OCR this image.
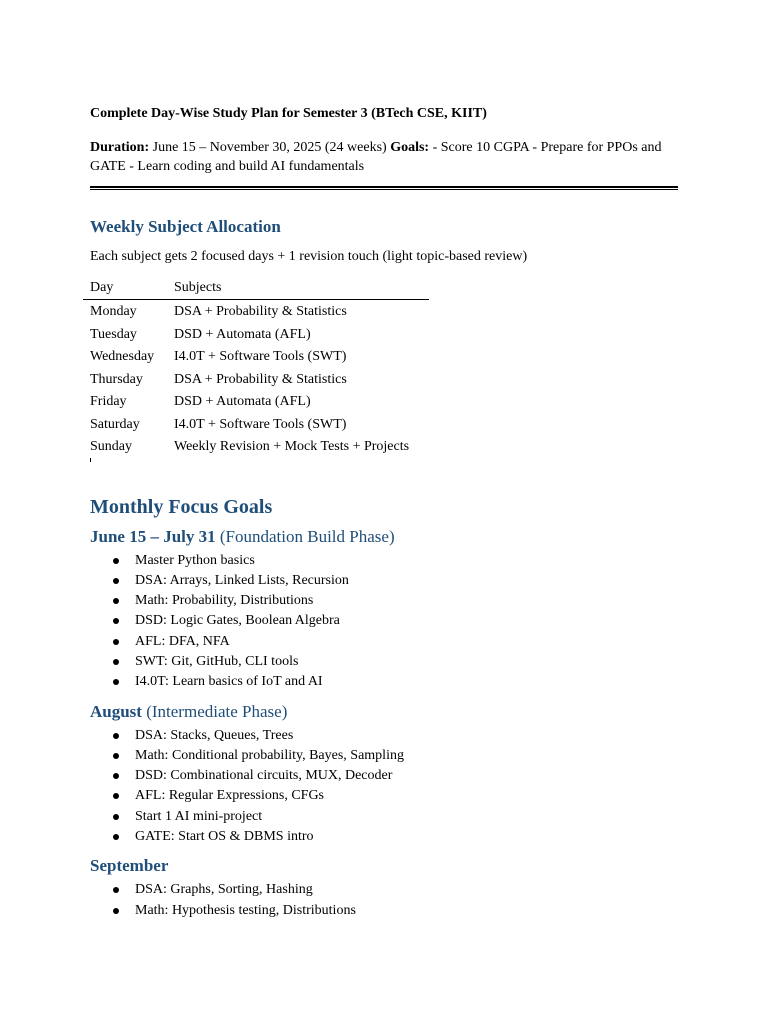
Complete Day-Wise Study Plan for Semester 3 (BTech CSE, KIIT)

Duration: June 15 – November 30, 2025 (24 weeks) Goals: - Score 10 CGPA - Prepare for PPOs and GATE - Learn coding and build AI fundamentals

Weekly Subject Allocation

Each subject gets 2 focused days + 1 revision touch (light topic-based review)

Day	Subjects
Monday	DSA + Probability & Statistics
Tuesday	DSD + Automata (AFL)
Wednesday	I4.0T + Software Tools (SWT)
Thursday	DSA + Probability & Statistics
Friday	DSD + Automata (AFL)
Saturday	I4.0T + Software Tools (SWT)
Sunday	Weekly Revision + Mock Tests + Projects
Monthly Focus Goals
June 15 – July 31 (Foundation Build Phase)
Master Python basics
DSA: Arrays, Linked Lists, Recursion
Math: Probability, Distributions
DSD: Logic Gates, Boolean Algebra
AFL: DFA, NFA
SWT: Git, GitHub, CLI tools
I4.0T: Learn basics of IoT and AI
August (Intermediate Phase)
DSA: Stacks, Queues, Trees
Math: Conditional probability, Bayes, Sampling
DSD: Combinational circuits, MUX, Decoder
AFL: Regular Expressions, CFGs
Start 1 AI mini-project
GATE: Start OS & DBMS intro
September
DSA: Graphs, Sorting, Hashing
Math: Hypothesis testing, Distributions
